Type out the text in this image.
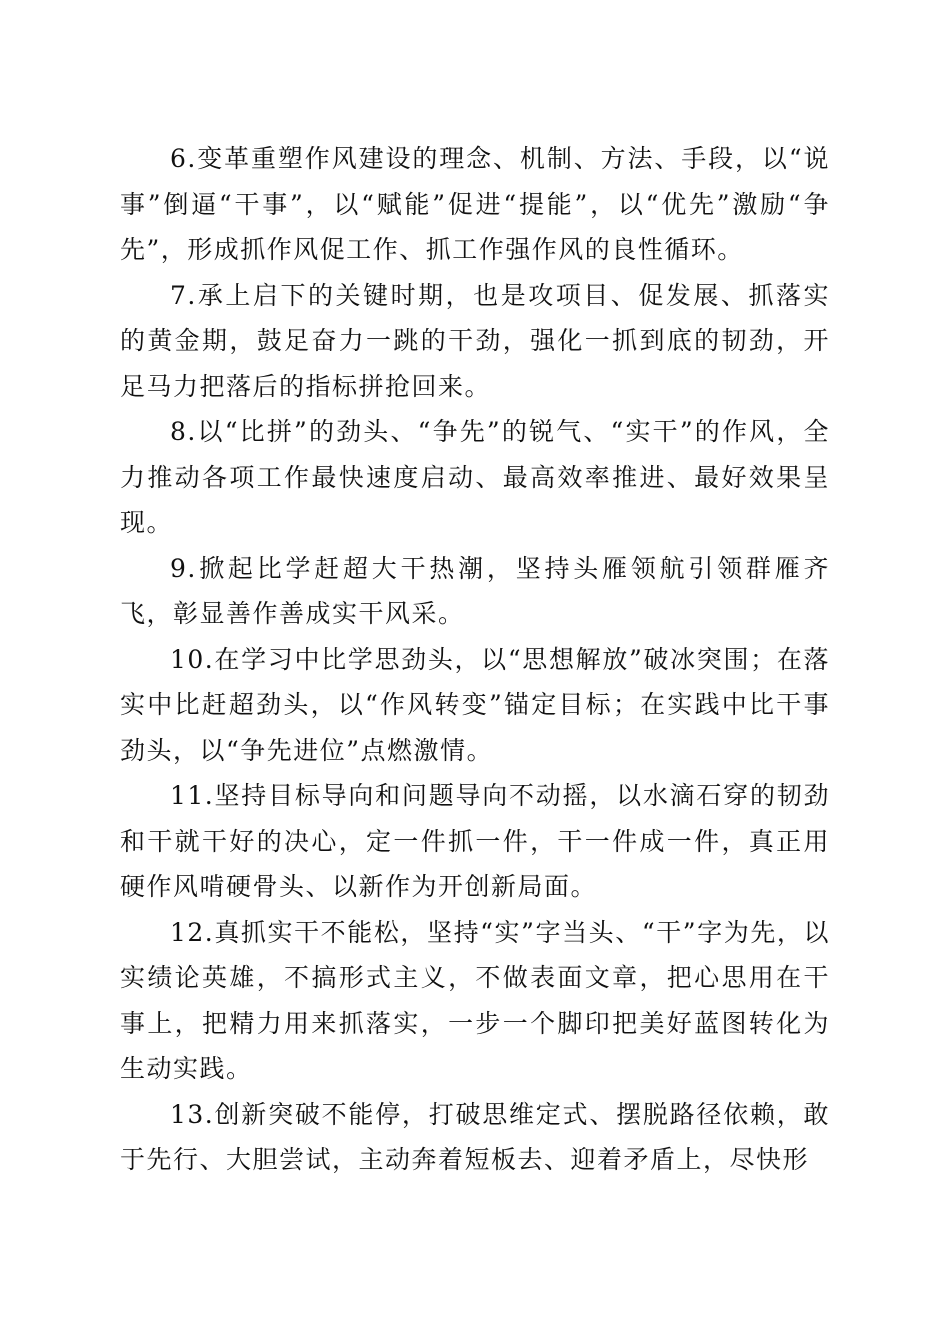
6.变革重塑作风建设的理念、机制、方法、手段，以“说事”倒逼“干事”，以“赋能”促进“提能”，以“优先”激励“争先”，形成抓作风促工作、抓工作强作风的良性循环。

7.承上启下的关键时期，也是攻项目、促发展、抓落实的黄金期，鼓足奋力一跳的干劲，强化一抓到底的韧劲，开足马力把落后的指标拼抢回来。

8.以“比拼”的劲头、“争先”的锐气、“实干”的作风，全力推动各项工作最快速度启动、最高效率推进、最好效果呈现。

9.掀起比学赶超大干热潮，坚持头雁领航引领群雁齐飞，彰显善作善成实干风采。

10.在学习中比学思劲头，以“思想解放”破冰突围；在落实中比赶超劲头，以“作风转变”锚定目标；在实践中比干事劲头，以“争先进位”点燃激情。

11.坚持目标导向和问题导向不动摇，以水滴石穿的韧劲和干就干好的决心，定一件抓一件，干一件成一件，真正用硬作风啃硬骨头、以新作为开创新局面。

12.真抓实干不能松，坚持“实”字当头、“干”字为先，以实绩论英雄，不搞形式主义，不做表面文章，把心思用在干事上，把精力用来抓落实，一步一个脚印把美好蓝图转化为生动实践。

13.创新突破不能停，打破思维定式、摆脱路径依赖，敢于先行、大胆尝试，主动奔着短板去、迎着矛盾上，尽快形
